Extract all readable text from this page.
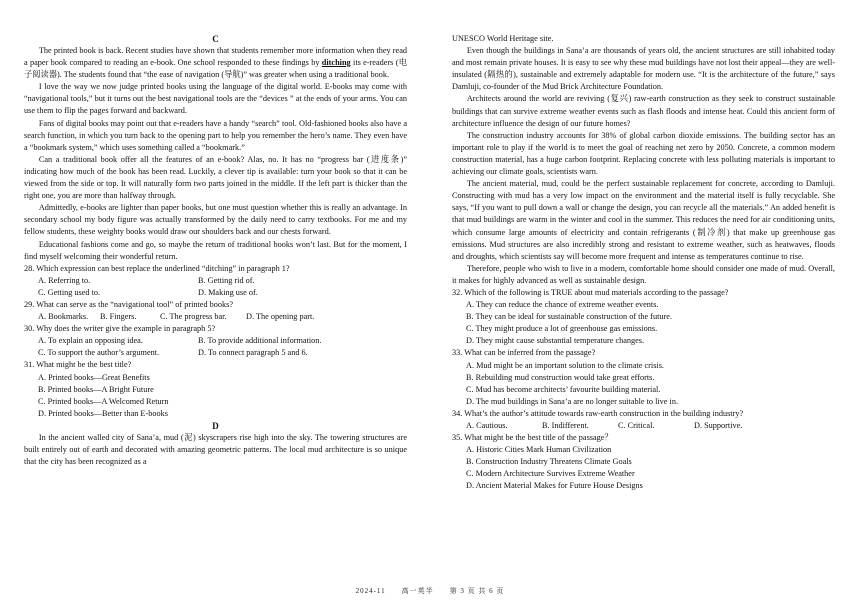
C

The printed book is back. Recent studies have shown that students remember more information when they read a paper book compared to reading an e-book. One school responded to these findings by ditching its e-readers (电子阅读器). The students found that “the ease of navigation (导航)” was greater when using a traditional book.

I love the way we now judge printed books using the language of the digital world. E-books may come with “navigational tools,” but it turns out the best navigational tools are the “devices ” at the ends of your arms. You can use them to flip the pages forward and backward.

Fans of digital books may point out that e-readers have a handy “search” tool. Old-fashioned books also have a search function, in which you turn back to the opening part to help you remember the hero’s name. They even have a “bookmark system,” which uses something called a “bookmark.”

Can a traditional book offer all the features of an e-book? Alas, no. It has no “progress bar (进度条)” indicating how much of the book has been read. Luckily, a clever tip is available: turn your book so that it can be viewed from the side or top. It will naturally form two parts joined in the middle. If the left part is thicker than the right one, you are more than halfway through.

Admittedly, e-books are lighter than paper books, but one must question whether this is really an advantage. In secondary school my body figure was actually transformed by the daily need to carry textbooks. For me and my fellow students, these weighty books would draw our shoulders back and our chests forward.

Educational fashions come and go, so maybe the return of traditional books won’t last. But for the moment, I find myself welcoming their wonderful return.

28. Which expression can best replace the underlined “ditching” in paragraph 1?

A. Referring to.	B. Getting rid of.
C. Getting used to.	D. Making use of.

29. What can serve as the “navigational tool” of printed books?

A. Bookmarks.	B. Fingers.	C. The progress bar.	D. The opening part.

30. Why does the writer give the example in paragraph 5?

A. To explain an opposing idea.	B. To provide additional information.
C. To support the author’s argument.	D. To connect paragraph 5 and 6.

31. What might be the best title?

A. Printed books—Great Benefits

B. Printed books—A Bright Future

C. Printed books—A Welcomed Return

D. Printed books—Better than E-books

D

In the ancient walled city of Sana’a, mud (泥) skyscrapers rise high into the sky. The towering structures are built entirely out of earth and decorated with amazing geometric patterns. The local mud architecture is so unique that the city has been recognized as a

UNESCO World Heritage site.

Even though the buildings in Sana’a are thousands of years old, the ancient structures are still inhabited today and most remain private houses. It is easy to see why these mud buildings have not lost their appeal—they are well-insulated (隔热的), sustainable and extremely adaptable for modern use. “It is the architecture of the future,” says Damluji, co-founder of the Mud Brick Architecture Foundation.

Architects around the world are reviving (复兴) raw-earth construction as they seek to construct sustainable buildings that can survive extreme weather events such as flash floods and intense heat. Could this ancient form of architecture influence the design of our future homes?

The construction industry accounts for 38% of global carbon dioxide emissions. The building sector has an important role to play if the world is to meet the goal of reaching net zero by 2050. Concrete, a common modern construction material, has a huge carbon footprint. Replacing concrete with less polluting materials is important to achieving our climate goals, scientists warn.

The ancient material, mud, could be the perfect sustainable replacement for concrete, according to Damluji. Constructing with mud has a very low impact on the environment and the material itself is fully recyclable. She says, “If you want to pull down a wall or change the design, you can recycle all the materials.” An added benefit is that mud buildings are warm in the winter and cool in the summer. This reduces the need for air conditioning units, which consume large amounts of electricity and contain refrigerants (制冷剂) that make up greenhouse gas emissions. Mud structures are also incredibly strong and resistant to extreme weather, such as heatwaves, floods and droughts, which scientists say will become more frequent and intense as temperatures continue to rise.

Therefore, people who wish to live in a modern, comfortable home should consider one made of mud. Overall, it makes for highly advanced as well as sustainable design.

32. Which of the following is TRUE about mud materials according to the passage?

A. They can reduce the chance of extreme weather events.

B. They can be ideal for sustainable construction of the future.

C. They might produce a lot of greenhouse gas emissions.

D. They might cause substantial temperature changes.

33. What can be inferred from the passage?

A. Mud might be an important solution to the climate crisis.

B. Rebuilding mud construction would take great efforts.

C. Mud has become architects’ favourite building material.

D. The mud buildings in Sana’a are no longer suitable to live in.

34. What’s the author’s attitude towards raw-earth construction in the building industry?

A. Cautious.	B. Indifferent.	C. Critical.	D. Supportive.

35. What might be the best title of the passage？

A. Historic Cities Mark Human Civilization

B. Construction Industry Threatens Climate Goals

C. Modern Architecture Survives Extreme Weather

D. Ancient Material Makes for Future House Designs

2024-11　　高一英半　　第 3 页 共 6 页
